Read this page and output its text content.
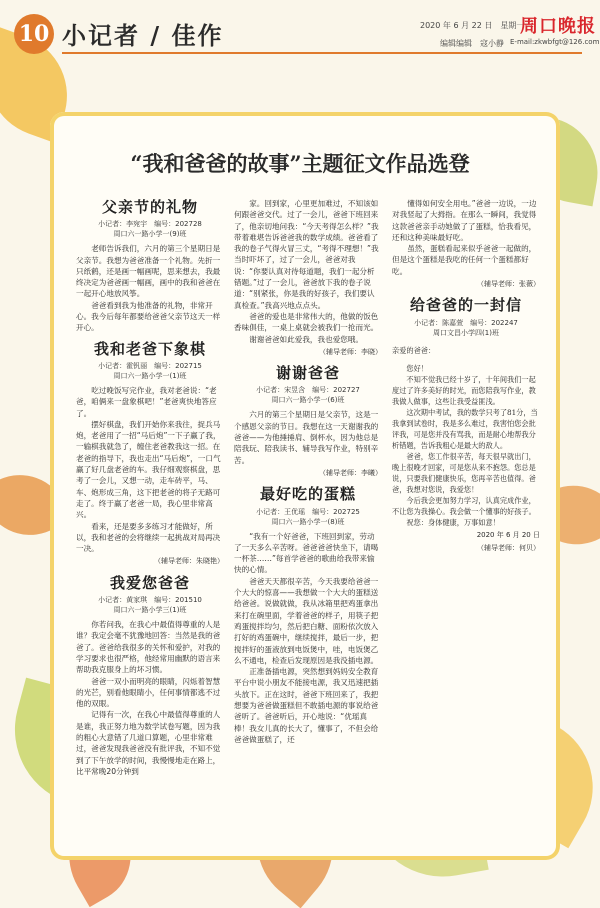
10 小记者 / 佳作	2020 年 6 月 22 日　星期一
编辑编辑　寇小静
周口晚报
E-mail:zkwbfgt@126.com
“我和爸爸的故事”主题征文作品选登
父亲节的礼物
小记者：李宛宇　编号：202728
周口六一路小学一(9)班

老师告诉我们，六月的第三个星期日是父亲节。我想为爸爸准备一个礼物。先折一只纸鹤，还是画一幅画呢，思来想去，我最终决定为爸爸画一幅画，画中的我和爸爸在一起开心地放风筝。

爸爸看到我为他准备的礼物，非常开心。我今后每年都要给爸爸父亲节这天一样开心。

我和老爸下象棋
小记者：霍钒丽　编号：202715
周口六一路小学一(1)班

吃过晚饭写完作业，我对老爸说：“老爸，咱俩来一盘象棋吧！”老爸爽快地答应了。

摆好棋盘，我们开始你来我往，捉兵马炮，老爸用了一招“马后炮”一下子赢了我，一输棋我就急了，缠住老爸教我这一招。在老爸的指导下，我也走出“马后炮”，一口气赢了好几盘老爸的车。我仔细观察棋盘，思考了一会儿，又想一动，走车砖平，马、车、炮形成三角，这下把老爸的将子无路可走了。终于赢了老爸一局，我心里非常高兴。

看来，还是要多多练习才能做好，所以，我和老爸的会将继续一起挑战对局再决一决。

（辅导老师：朱晓艳）
我爱您爸爸
小记者：黄家琪　编号：201510
周口六一路小学三(1)班

你若问我，在我心中最值得尊重的人是谁？我定会毫不犹豫地回答：当然是我的爸爸了。爸爸给我很多的关怀和爱护，对我的学习要求也很严格，他经常用幽默的语言来帮助我克服身上的坏习惯。

爸爸一双小而明亮的眼睛，闪烁着智慧的光芒，别看他眼睛小，任何事情都逃不过他的双眼。

记得有一次，在我心中最值得尊重的人是谁，我正努力地为数学试卷写题，因为我的粗心大意错了几道口算题，心里非常难过，爸爸发现我爸爸没有批评我，不知不觉到了下午放学的时间，我慢慢地走在路上，比平常晚20分钟到

家。回到家，心里更加难过，不知该如何跟爸爸交代。过了一会儿，爸爸下班回来了，他亲切地问我：“今天考得怎么样？”我带着难堪告诉爸爸我的数学成绩。爸爸看了我的卷子气得火冒三丈，“考得不理想！”我当时吓坏了，过了一会儿，爸爸对我说：“你要认真对待每道题，我们一起分析错题。”过了一会儿，爸爸放下我的卷子说道：“别紧张，你是我的好孩子，我们要认真检查。”我高兴地点点头。

爸爸的爱也是非常伟大的，他做的饭色香味俱佳，一桌上桌就会被我们一抢而光。

谢谢爸爸如此爱我，我也爱您哦。

（辅导老师：李晓）
谢谢爸爸
小记者：宋昱含　编号：202727
周口六一路小学一(6)班

六月的第三个星期日是父亲节，这是一个感恩父亲的节日。我想在这一天谢谢我的爸爸——为他捶捶肩、倒杯水，因为他总是陪我玩、陪我读书、辅导我写作业，特别辛苦。

（辅导老师：李曦）
最好吃的蛋糕
小记者：王优瑶　编号：202725
周口六一路小学一(8)班

“我有一个好爸爸，下班回到家，劳动了一天多么辛苦呀。爸爸爸爸快坐下，请喝一杯茶……”每首学爸爸的歌曲给我带来愉快的心情。

爸爸天天都很辛苦，今天我要给爸爸一个大大的惊喜——我想做一个大大的蛋糕送给爸爸。说做就做，我从冰箱里把鸡蛋拿出来打在碗里面，学着爸爸的样子，用筷子把鸡蛋搅拌均匀，然后把白糖、面粉依次放入打好的鸡蛋碗中，继续搅拌，最后一步，把搅拌好的蛋液放到电饭煲中，哇，电饭煲乙么不通电，检查后发现原因是我没插电源。

正准备插电源，突然想到妈妈安全教育平台中说小朋友不能接电源，我又迅速把插头放下。正在这时，爸爸下班回来了，我把想要为爸爸做蛋糕但不敢插电源的事说给爸爸听了。爸爸听后，开心地说：“优瑶真棒！我女儿真的长大了，懂事了，不但会给爸爸做蛋糕了，还

懂得如何安全用电。”爸爸一边说，一边对我竖起了大拇指。在那么一瞬间，我觉得这款爸爸亲手动她做了了蛋糕，恰我看见，还和这种美味最好吃。

虽然，蛋糕看起来似乎爸爸一起做的，但是这个蛋糕是我吃的任何一个蛋糕都好吃。

（辅导老师：张薇）
给爸爸的一封信
小记者：陈嘉萱　编号：202247
周口文昌小学四(1)班

亲爱的爸爸：

您好！

不知不觉我已经十岁了，十年间我们一起度过了许多美好的时光，而您陪我写作业，教我做人做事，这些让我受益匪浅。

这次期中考试，我的数学只考了81分，当我拿到试卷时，我是多么难过，我害怕您会批评我，可是您并没有骂我，而是耐心地帮我分析错题，告诉我粗心是最大的敌人。

爸爸，您工作很辛苦，每天很早就出门，晚上很晚才回家，可是您从来不抱怨。您总是说，只要我们健康快乐，您再辛苦也值得。爸爸，我想对您说，我爱您！

今后我会更加努力学习，认真完成作业，不让您为我操心。我会做一个懂事的好孩子。

祝您：身体健康，万事如意！

2020 年 6 月 20 日
（辅导老师：何贝）
